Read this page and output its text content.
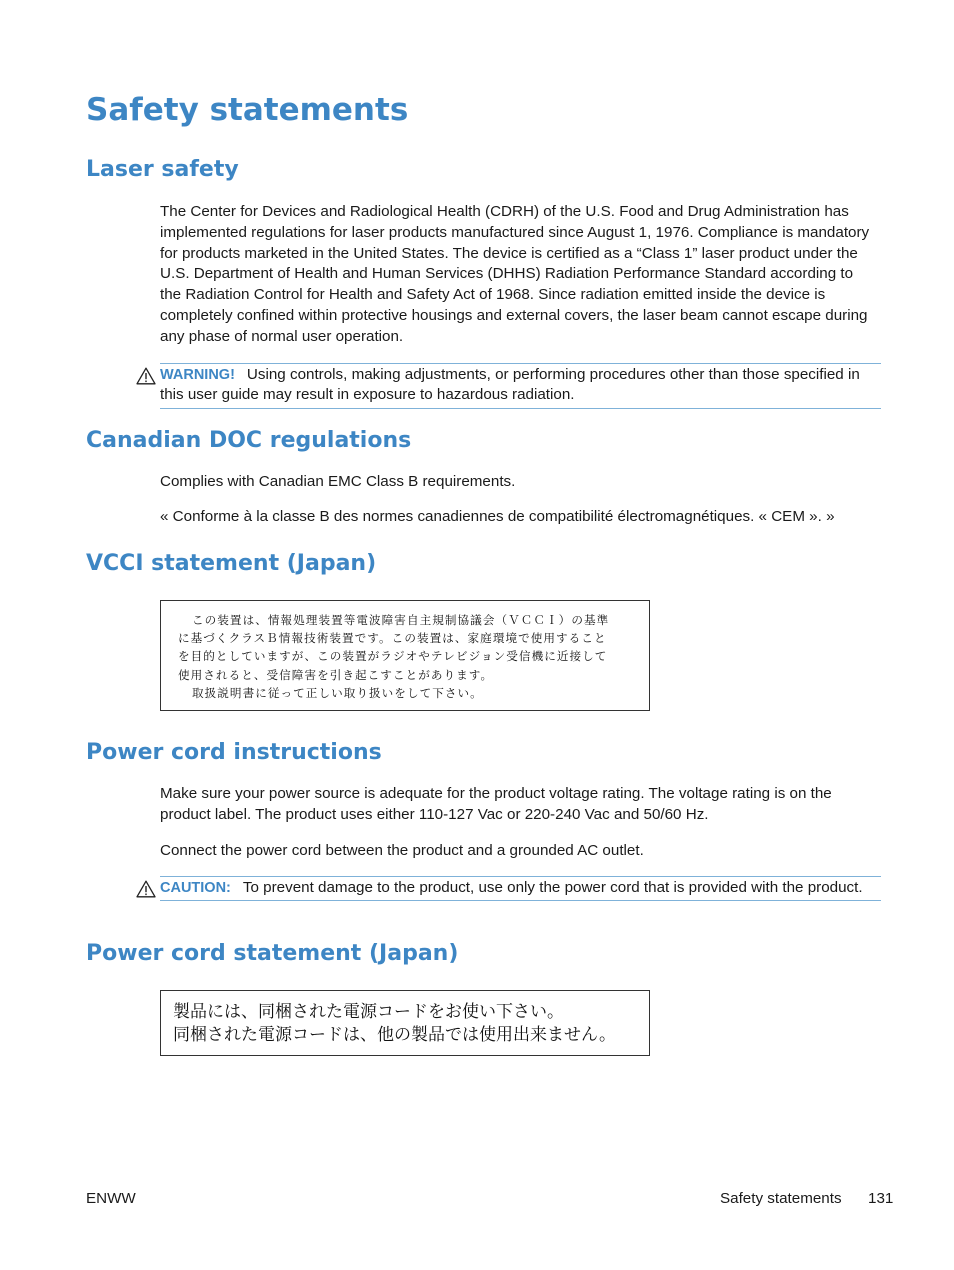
Safety statements
Laser safety

The Center for Devices and Radiological Health (CDRH) of the U.S. Food and Drug Administration has implemented regulations for laser products manufactured since August 1, 1976. Compliance is mandatory for products marketed in the United States. The device is certified as a “Class 1” laser product under the U.S. Department of Health and Human Services (DHHS) Radiation Performance Standard according to the Radiation Control for Health and Safety Act of 1968. Since radiation emitted inside the device is completely confined within protective housings and external covers, the laser beam cannot escape during any phase of normal user operation.

WARNING! Using controls, making adjustments, or performing procedures other than those specified in this user guide may result in exposure to hazardous radiation.
Canadian DOC regulations

Complies with Canadian EMC Class B requirements.

« Conforme à la classe B des normes canadiennes de compatibilité électromagnétiques. « CEM ». »

VCCI statement (Japan)
この装置は、情報処理装置等電波障害自主規制協議会（ＶＣＣＩ）の基準
に基づくクラスＢ情報技術装置です。この装置は、家庭環境で使用すること
を目的としていますが、この装置がラジオやテレビジョン受信機に近接して
使用されると、受信障害を引き起こすことがあります。
取扱説明書に従って正しい取り扱いをして下さい。
Power cord instructions

Make sure your power source is adequate for the product voltage rating. The voltage rating is on the product label. The product uses either 110-127 Vac or 220-240 Vac and 50/60 Hz.

Connect the power cord between the product and a grounded AC outlet.

CAUTION: To prevent damage to the product, use only the power cord that is provided with the product.
Power cord statement (Japan)
製品には、同梱された電源コードをお使い下さい。
同梱された電源コードは、他の製品では使用出来ません。
ENWW	Safety statements 131
